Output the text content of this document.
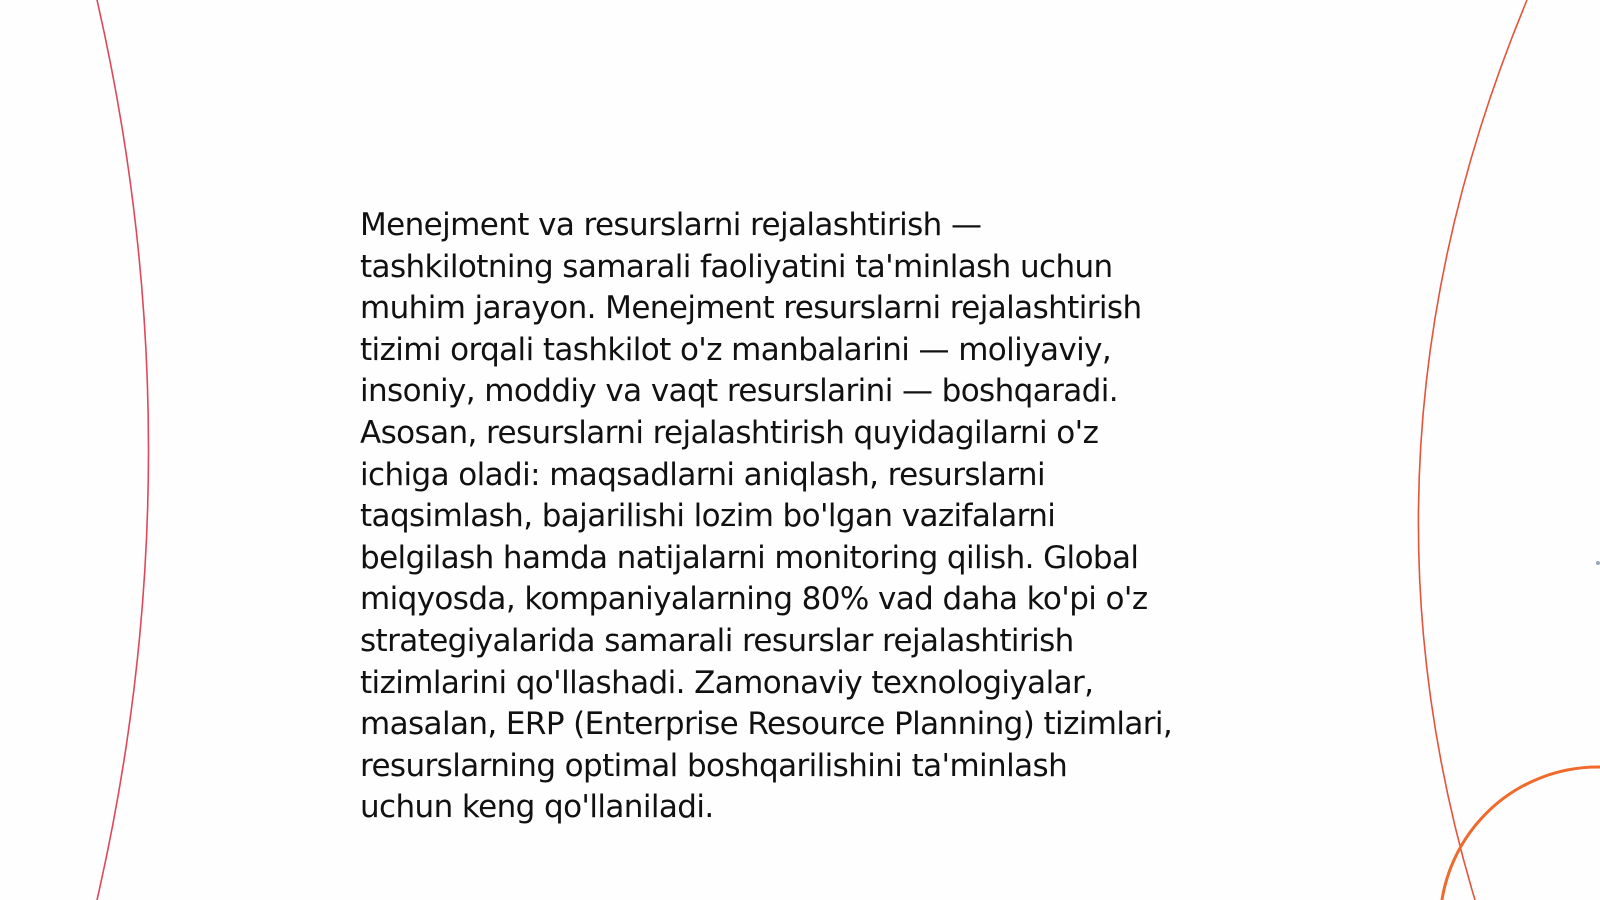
Menejment va resurslarni rejalashtirish —
tashkilotning samarali faoliyatini ta'minlash uchun
muhim jarayon. Menejment resurslarni rejalashtirish
tizimi orqali tashkilot o'z manbalarini — moliyaviy,
insoniy, moddiy va vaqt resurslarini — boshqaradi.
Asosan, resurslarni rejalashtirish quyidagilarni o'z
ichiga oladi: maqsadlarni aniqlash, resurslarni
taqsimlash, bajarilishi lozim bo'lgan vazifalarni
belgilash hamda natijalarni monitoring qilish. Global
miqyosda, kompaniyalarning 80% vad daha ko'pi o'z
strategiyalarida samarali resurslar rejalashtirish
tizimlarini qo'llashadi. Zamonaviy texnologiyalar,
masalan, ERP (Enterprise Resource Planning) tizimlari,
resurslarning optimal boshqarilishini ta'minlash
uchun keng qo'llaniladi.
